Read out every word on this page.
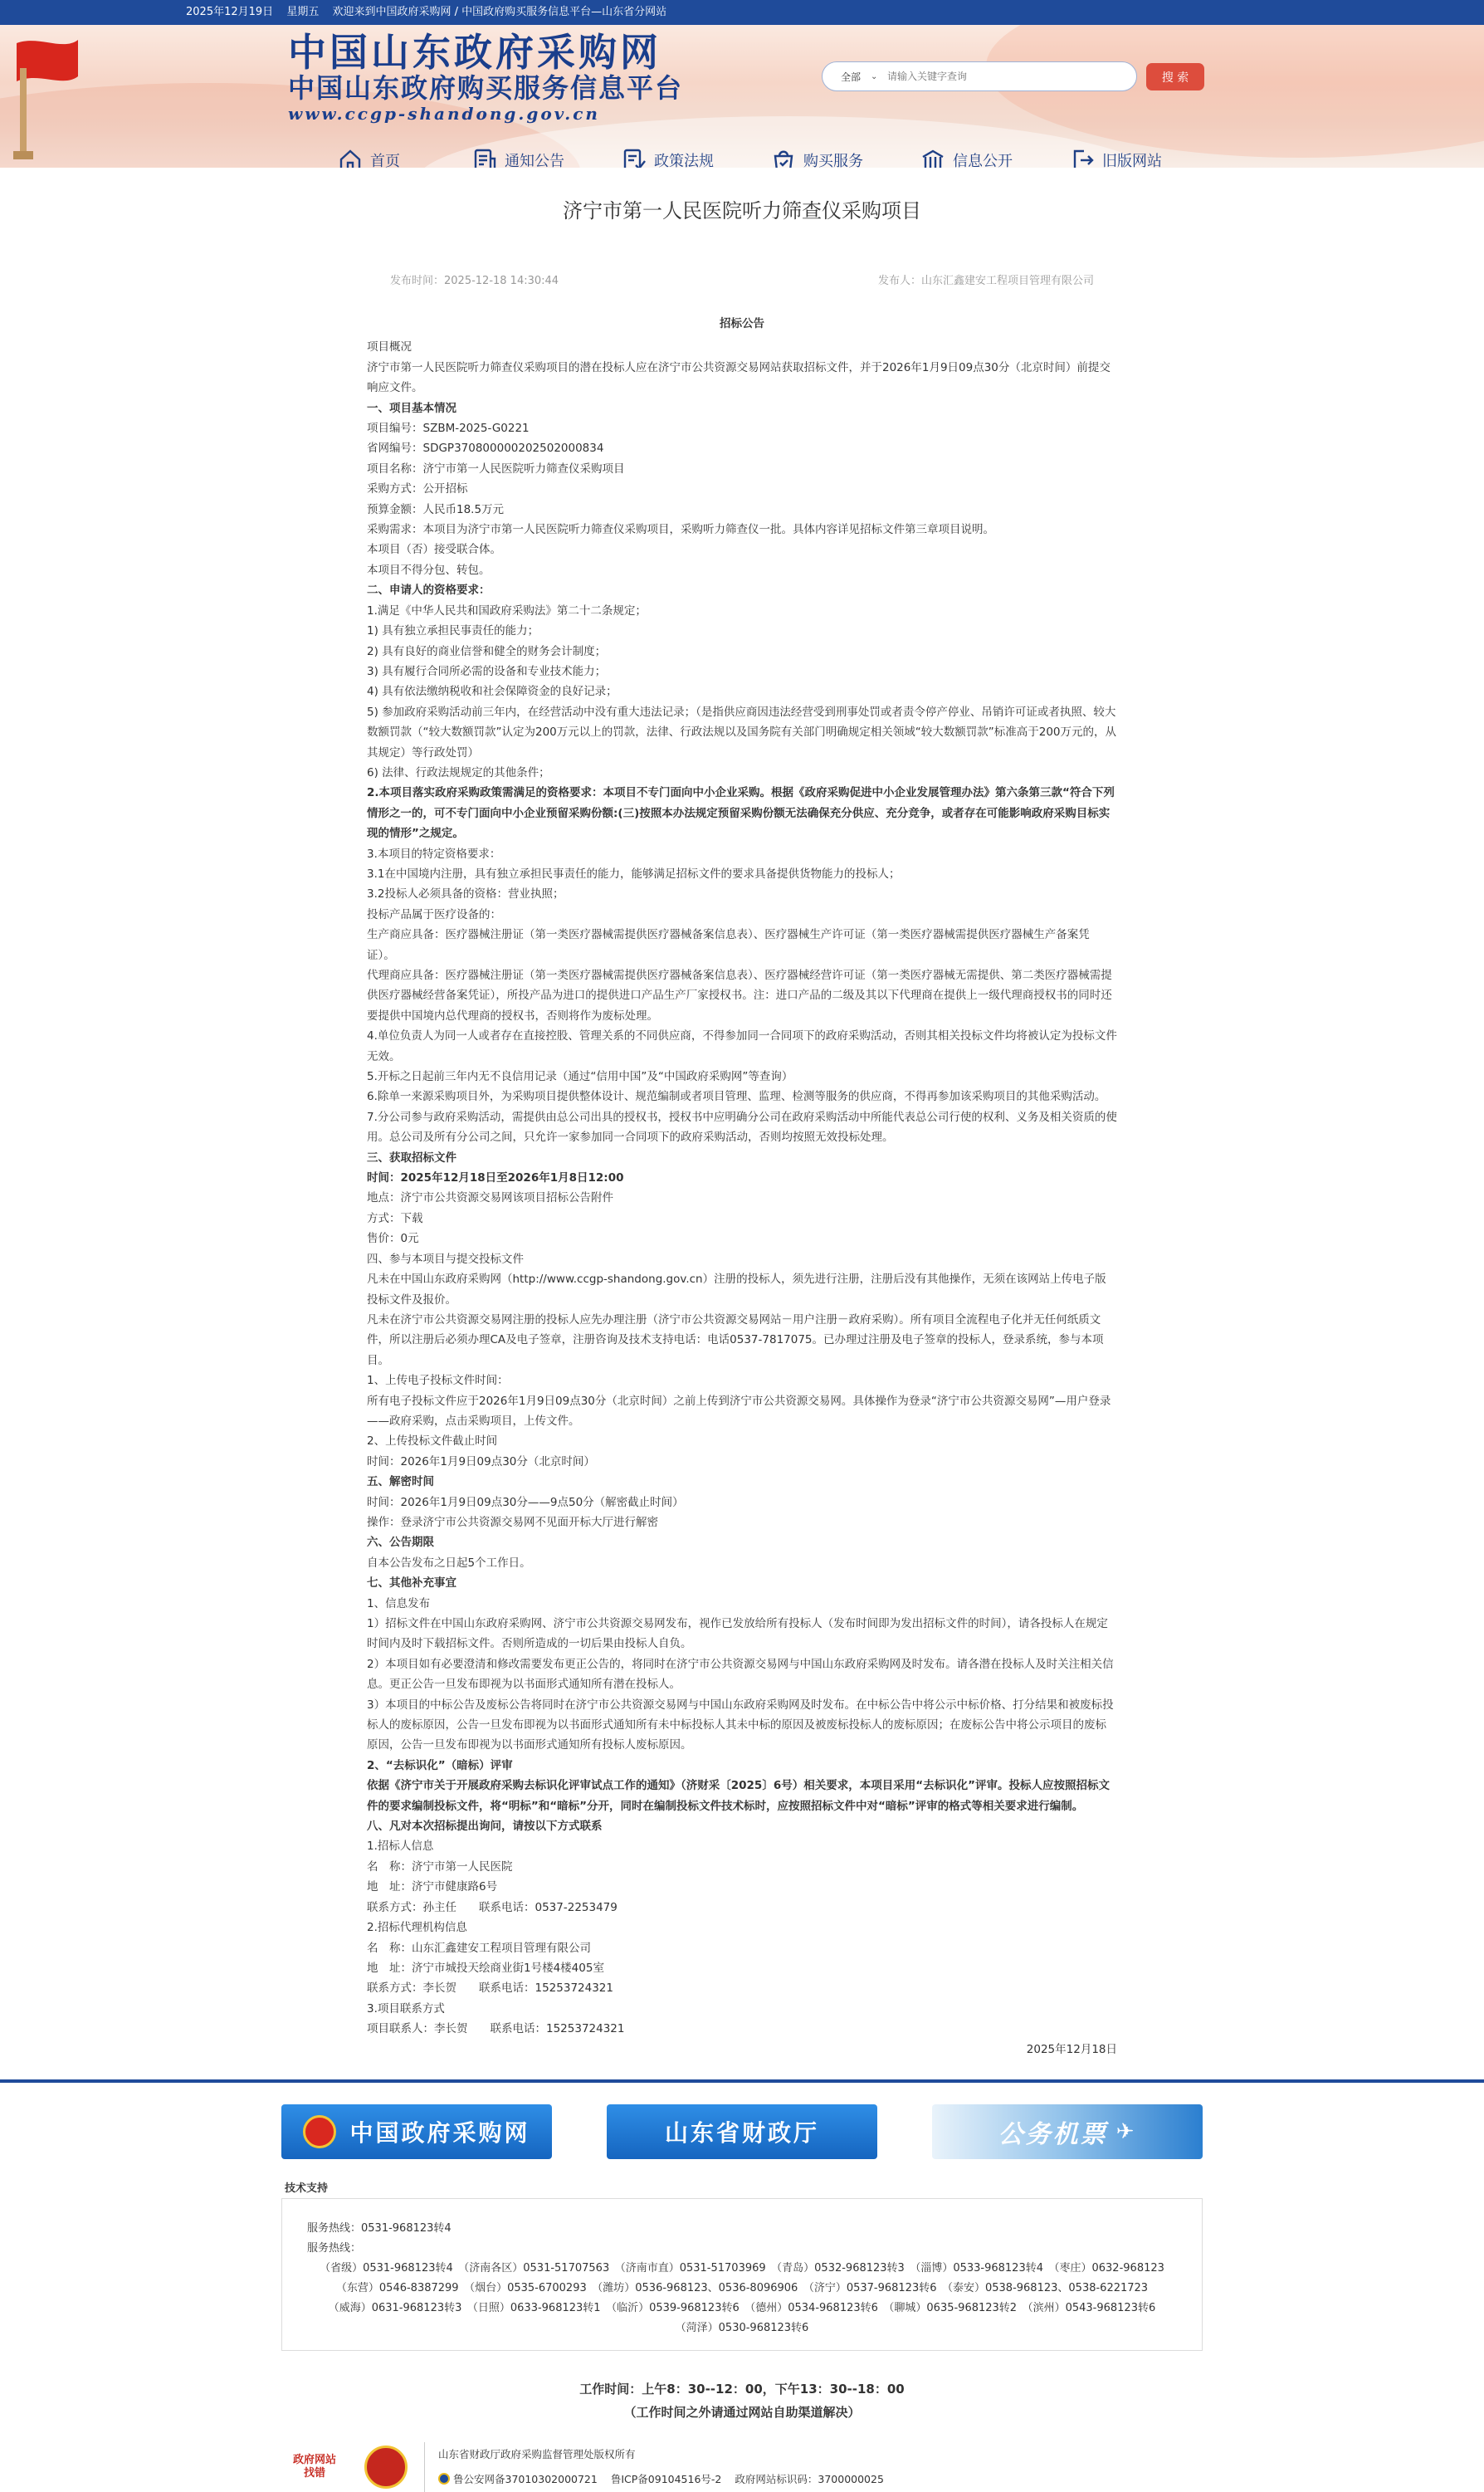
2025年12月19日 星期五 欢迎来到中国政府采购网 / 中国政府购买服务信息平台—山东省分网站
中国山东政府采购网
中国山东政府购买服务信息平台
www.ccgp-shandong.gov.cn
全部 ⌄
请输入关键字查询	搜 索
首页	通知公告	政策法规	购买服务	信息公开	旧版网站
济宁市第一人民医院听力筛查仪采购项目
发布时间：2025-12-18 14:30:44	发布人：山东汇鑫建安工程项目管理有限公司
招标公告

项目概况

济宁市第一人民医院听力筛查仪采购项目的潜在投标人应在济宁市公共资源交易网站获取招标文件，并于2026年1月9日09点30分（北京时间）前提交响应文件。

一、项目基本情况

项目编号：SZBM-2025-G0221

省网编号：SDGP370800000202502000834

项目名称：济宁市第一人民医院听力筛查仪采购项目

采购方式：公开招标

预算金额：人民币18.5万元

采购需求：本项目为济宁市第一人民医院听力筛查仪采购项目，采购听力筛查仪一批。具体内容详见招标文件第三章项目说明。

本项目（否）接受联合体。

本项目不得分包、转包。

二、申请人的资格要求：

1.满足《中华人民共和国政府采购法》第二十二条规定；

1) 具有独立承担民事责任的能力；

2) 具有良好的商业信誉和健全的财务会计制度；

3) 具有履行合同所必需的设备和专业技术能力；

4) 具有依法缴纳税收和社会保障资金的良好记录；

5) 参加政府采购活动前三年内，在经营活动中没有重大违法记录；（是指供应商因违法经营受到刑事处罚或者责令停产停业、吊销许可证或者执照、较大数额罚款（“较大数额罚款”认定为200万元以上的罚款，法律、行政法规以及国务院有关部门明确规定相关领域“较大数额罚款”标准高于200万元的，从其规定）等行政处罚）

6) 法律、行政法规规定的其他条件；

2.本项目落实政府采购政策需满足的资格要求：本项目不专门面向中小企业采购。根据《政府采购促进中小企业发展管理办法》第六条第三款“符合下列情形之一的，可不专门面向中小企业预留采购份额:(三)按照本办法规定预留采购份额无法确保充分供应、充分竞争，或者存在可能影响政府采购目标实现的情形”之规定。

3.本项目的特定资格要求：

3.1在中国境内注册，具有独立承担民事责任的能力，能够满足招标文件的要求具备提供货物能力的投标人；

3.2投标人必须具备的资格：营业执照；

投标产品属于医疗设备的：

生产商应具备：医疗器械注册证（第一类医疗器械需提供医疗器械备案信息表）、医疗器械生产许可证（第一类医疗器械需提供医疗器械生产备案凭证）。

代理商应具备：医疗器械注册证（第一类医疗器械需提供医疗器械备案信息表）、医疗器械经营许可证（第一类医疗器械无需提供、第二类医疗器械需提供医疗器械经营备案凭证），所投产品为进口的提供进口产品生产厂家授权书。注：进口产品的二级及其以下代理商在提供上一级代理商授权书的同时还要提供中国境内总代理商的授权书，否则将作为废标处理。

4.单位负责人为同一人或者存在直接控股、管理关系的不同供应商，不得参加同一合同项下的政府采购活动，否则其相关投标文件均将被认定为投标文件无效。

5.开标之日起前三年内无不良信用记录（通过“信用中国”及“中国政府采购网”等查询）

6.除单一来源采购项目外，为采购项目提供整体设计、规范编制或者项目管理、监理、检测等服务的供应商，不得再参加该采购项目的其他采购活动。

7.分公司参与政府采购活动，需提供由总公司出具的授权书，授权书中应明确分公司在政府采购活动中所能代表总公司行使的权利、义务及相关资质的使用。总公司及所有分公司之间，只允许一家参加同一合同项下的政府采购活动，否则均按照无效投标处理。

三、获取招标文件

时间：2025年12月18日至2026年1月8日12:00

地点：济宁市公共资源交易网该项目招标公告附件

方式：下载

售价：0元

四、参与本项目与提交投标文件

凡未在中国山东政府采购网（http://www.ccgp-shandong.gov.cn）注册的投标人，须先进行注册，注册后没有其他操作，无须在该网站上传电子版投标文件及报价。

凡未在济宁市公共资源交易网注册的投标人应先办理注册（济宁市公共资源交易网站－用户注册－政府采购）。所有项目全流程电子化并无任何纸质文件，所以注册后必须办理CA及电子签章，注册咨询及技术支持电话：电话0537-7817075。已办理过注册及电子签章的投标人，登录系统，参与本项目。

1、上传电子投标文件时间：

所有电子投标文件应于2026年1月9日09点30分（北京时间）之前上传到济宁市公共资源交易网。具体操作为登录“济宁市公共资源交易网”—用户登录——政府采购，点击采购项目，上传文件。

2、上传投标文件截止时间

时间：2026年1月9日09点30分（北京时间）

五、解密时间

时间：2026年1月9日09点30分——9点50分（解密截止时间）

操作：登录济宁市公共资源交易网不见面开标大厅进行解密

六、公告期限

自本公告发布之日起5个工作日。

七、其他补充事宜

1、信息发布

1）招标文件在中国山东政府采购网、济宁市公共资源交易网发布，视作已发放给所有投标人（发布时间即为发出招标文件的时间），请各投标人在规定时间内及时下载招标文件。否则所造成的一切后果由投标人自负。

2）本项目如有必要澄清和修改需要发布更正公告的，将同时在济宁市公共资源交易网与中国山东政府采购网及时发布。请各潜在投标人及时关注相关信息。更正公告一旦发布即视为以书面形式通知所有潜在投标人。

3）本项目的中标公告及废标公告将同时在济宁市公共资源交易网与中国山东政府采购网及时发布。在中标公告中将公示中标价格、打分结果和被废标投标人的废标原因，公告一旦发布即视为以书面形式通知所有未中标投标人其未中标的原因及被废标投标人的废标原因；在废标公告中将公示项目的废标原因，公告一旦发布即视为以书面形式通知所有投标人废标原因。

2、“去标识化”（暗标）评审

依据《济宁市关于开展政府采购去标识化评审试点工作的通知》（济财采〔2025〕6号）相关要求，本项目采用“去标识化”评审。投标人应按照招标文件的要求编制投标文件，将“明标”和“暗标”分开，同时在编制投标文件技术标时，应按照招标文件中对“暗标”评审的格式等相关要求进行编制。

八、凡对本次招标提出询问，请按以下方式联系

1.招标人信息

名　称：济宁市第一人民医院

地　址：济宁市健康路6号

联系方式：孙主任　　联系电话：0537-2253479

2.招标代理机构信息

名　称：山东汇鑫建安工程项目管理有限公司

地　址：济宁市城投天绘商业街1号楼4楼405室

联系方式：李长贺　　联系电话：15253724321

3.项目联系方式

项目联系人：李长贺　　联系电话：15253724321

2025年12月18日

中国政府采购网	山东省财政厅	公务机票 ✈
技术支持
服务热线：0531-968123转4
服务热线：
（省级）0531-968123转4　（济南各区）0531-51707563　（济南市直）0531-51703969　（青岛）0532-968123转3　（淄博）0533-968123转4　（枣庄）0632-968123
（东营）0546-8387299　（烟台）0535-6700293　（潍坊）0536-968123、0536-8096906　（济宁）0537-968123转6　（泰安）0538-968123、0538-6221723
（威海）0631-968123转3　（日照）0633-968123转1　（临沂）0539-968123转6　（德州）0534-968123转6　（聊城）0635-968123转2　（滨州）0543-968123转6
（菏泽）0530-968123转6
工作时间：上午8：30--12：00，下午13：30--18：00
（工作时间之外请通过网站自助渠道解决）
政府网站
找错
山东省财政厅政府采购监督管理处版权所有
鲁公安网备37010302000721 鲁ICP备09104516号-2 政府网站标识码：3700000025
